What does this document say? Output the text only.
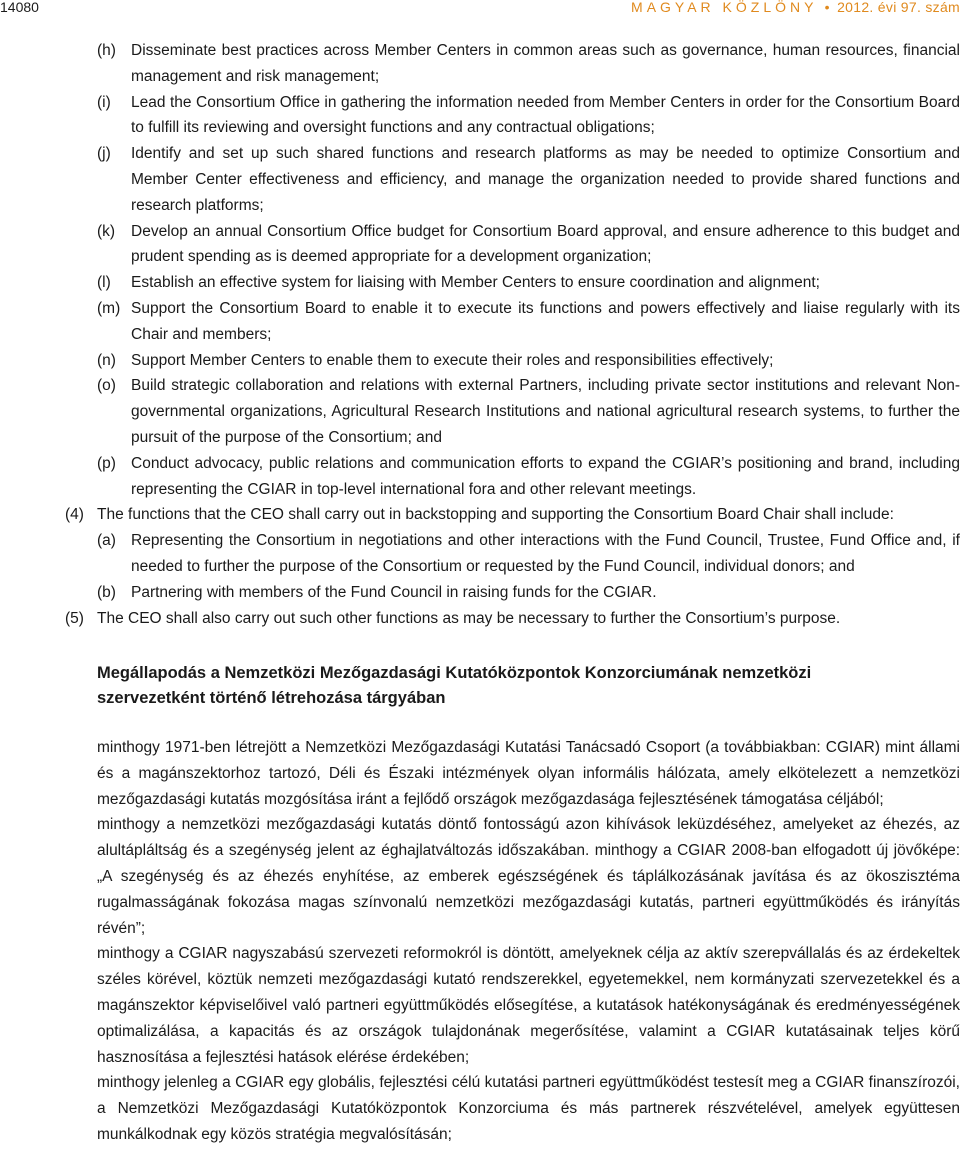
14080	MAGYAR KÖZLÖNY • 2012. évi 97. szám
(h) Disseminate best practices across Member Centers in common areas such as governance, human resources, financial management and risk management;
(i) Lead the Consortium Office in gathering the information needed from Member Centers in order for the Consortium Board to fulfill its reviewing and oversight functions and any contractual obligations;
(j) Identify and set up such shared functions and research platforms as may be needed to optimize Consortium and Member Center effectiveness and efficiency, and manage the organization needed to provide shared functions and research platforms;
(k) Develop an annual Consortium Office budget for Consortium Board approval, and ensure adherence to this budget and prudent spending as is deemed appropriate for a development organization;
(l) Establish an effective system for liaising with Member Centers to ensure coordination and alignment;
(m) Support the Consortium Board to enable it to execute its functions and powers effectively and liaise regularly with its Chair and members;
(n) Support Member Centers to enable them to execute their roles and responsibilities effectively;
(o) Build strategic collaboration and relations with external Partners, including private sector institutions and relevant Non-governmental organizations, Agricultural Research Institutions and national agricultural research systems, to further the pursuit of the purpose of the Consortium; and
(p) Conduct advocacy, public relations and communication efforts to expand the CGIAR’s positioning and brand, including representing the CGIAR in top-level international fora and other relevant meetings.
(4) The functions that the CEO shall carry out in backstopping and supporting the Consortium Board Chair shall include:
(a) Representing the Consortium in negotiations and other interactions with the Fund Council, Trustee, Fund Office and, if needed to further the purpose of the Consortium or requested by the Fund Council, individual donors; and
(b) Partnering with members of the Fund Council in raising funds for the CGIAR.
(5) The CEO shall also carry out such other functions as may be necessary to further the Consortium’s purpose.
Megállapodás a Nemzetközi Mezőgazdasági Kutatóközpontok Konzorciumának nemzetközi szervezetként történő létrehozása tárgyában

minthogy 1971-ben létrejött a Nemzetközi Mezőgazdasági Kutatási Tanácsadó Csoport (a továbbiakban: CGIAR) mint állami és a magánszektorhoz tartozó, Déli és Északi intézmények olyan informális hálózata, amely elkötelezett a nemzetközi mezőgazdasági kutatás mozgósítása iránt a fejlődő országok mezőgazdasága fejlesztésének támogatása céljából;

minthogy a nemzetközi mezőgazdasági kutatás döntő fontosságú azon kihívások leküzdéséhez, amelyeket az éhezés, az alultápláltság és a szegénység jelent az éghajlatváltozás időszakában. minthogy a CGIAR 2008-ban elfogadott új jövőképe: „A szegénység és az éhezés enyhítése, az emberek egészségének és táplálkozásának javítása és az ökoszisztéma rugalmasságának fokozása magas színvonalú nemzetközi mezőgazdasági kutatás, partneri együttműködés és irányítás révén”;

minthogy a CGIAR nagyszabású szervezeti reformokról is döntött, amelyeknek célja az aktív szerepvállalás és az érdekeltek széles körével, köztük nemzeti mezőgazdasági kutató rendszerekkel, egyetemekkel, nem kormányzati szervezetekkel és a magánszektor képviselőivel való partneri együttműködés elősegítése, a kutatások hatékonyságának és eredményességének optimalizálása, a kapacitás és az országok tulajdonának megerősítése, valamint a CGIAR kutatásainak teljes körű hasznosítása a fejlesztési hatások elérése érdekében;

minthogy jelenleg a CGIAR egy globális, fejlesztési célú kutatási partneri együttműködést testesít meg a CGIAR finanszírozói, a Nemzetközi Mezőgazdasági Kutatóközpontok Konzorciuma és más partnerek részvételével, amelyek együttesen munkálkodnak egy közös stratégia megvalósításán;
